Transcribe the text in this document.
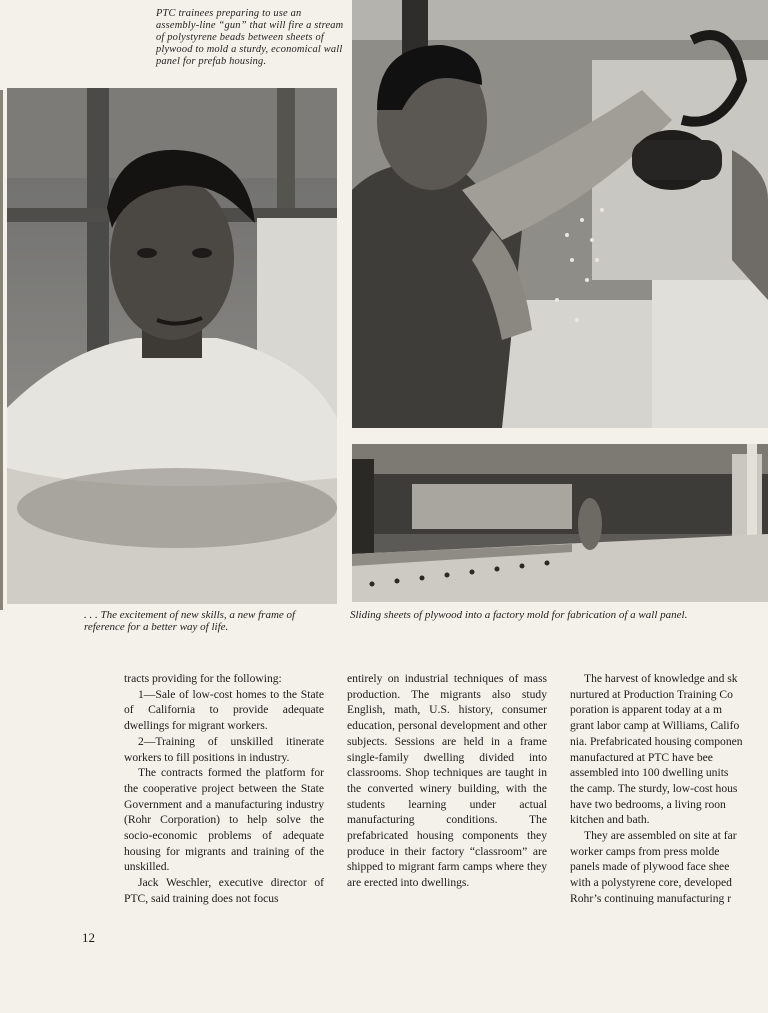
PTC trainees preparing to use an assembly-line “gun” that will fire a stream of polystyrene beads between sheets of plywood to mold a sturdy, economical wall panel for prefab housing.
. . . The excitement of new skills, a new frame of reference for a better way of life.
Sliding sheets of plywood into a factory mold for fabrication of a wall panel.

tracts providing for the following:

1—Sale of low-cost homes to the State of California to provide adequate dwellings for migrant workers.

2—Training of unskilled itinerate workers to fill positions in industry.

The contracts formed the platform for the cooperative project between the State Government and a manufacturing industry (Rohr Corporation) to help solve the socio-economic problems of adequate housing for migrants and training of the unskilled.

Jack Weschler, executive director of PTC, said training does not focus

entirely on industrial techniques of mass production. The migrants also study English, math, U.S. history, consumer education, personal development and other subjects. Sessions are held in a frame single-family dwelling divided into classrooms. Shop techniques are taught in the converted winery building, with the students learning under actual manufacturing conditions. The prefabricated housing components they produce in their factory “classroom” are shipped to migrant farm camps where they are erected into dwellings.

The harvest of knowledge and sk
nurtured at Production Training Co
poration is apparent today at a m
grant labor camp at Williams, Califo
nia. Prefabricated housing componen
manufactured at PTC have bee
assembled into 100 dwelling units
the camp. The sturdy, low-cost hous
have two bedrooms, a living roon
kitchen and bath.
They are assembled on site at far
worker camps from press molde
panels made of plywood face shee
with a polystyrene core, developed
Rohr’s continuing manufacturing r
12
